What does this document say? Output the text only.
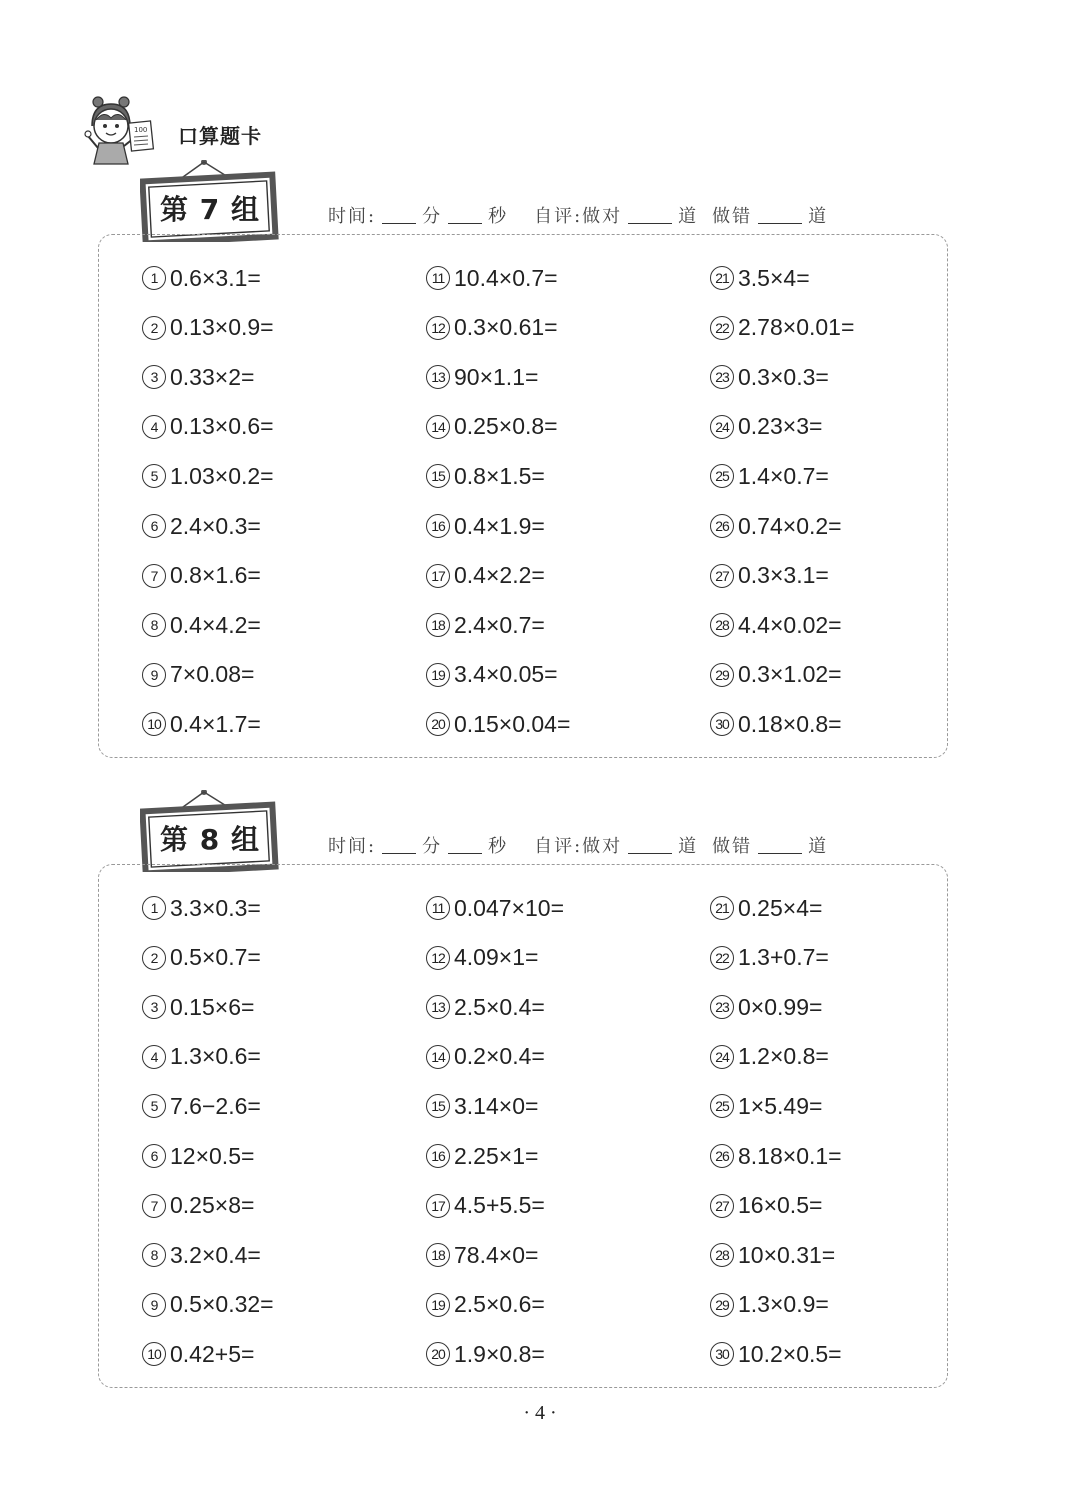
100 口算题卡
第 7 组	时间:	分	秒 自评:做对	道 做错	道
1 0.6×3.1=
2 0.13×0.9=
3 0.33×2=
4 0.13×0.6=
5 1.03×0.2=
6 2.4×0.3=
7 0.8×1.6=
8 0.4×4.2=
9 7×0.08=
10 0.4×1.7=
11 10.4×0.7=
12 0.3×0.61=
13 90×1.1=
14 0.25×0.8=
15 0.8×1.5=
16 0.4×1.9=
17 0.4×2.2=
18 2.4×0.7=
19 3.4×0.05=
20 0.15×0.04=
21 3.5×4=
22 2.78×0.01=
23 0.3×0.3=
24 0.23×3=
25 1.4×0.7=
26 0.74×0.2=
27 0.3×3.1=
28 4.4×0.02=
29 0.3×1.02=
30 0.18×0.8=
第 8 组	时间:	分	秒 自评:做对	道 做错	道
1 3.3×0.3=
2 0.5×0.7=
3 0.15×6=
4 1.3×0.6=
5 7.6−2.6=
6 12×0.5=
7 0.25×8=
8 3.2×0.4=
9 0.5×0.32=
10 0.42+5=
11 0.047×10=
12 4.09×1=
13 2.5×0.4=
14 0.2×0.4=
15 3.14×0=
16 2.25×1=
17 4.5+5.5=
18 78.4×0=
19 2.5×0.6=
20 1.9×0.8=
21 0.25×4=
22 1.3+0.7=
23 0×0.99=
24 1.2×0.8=
25 1×5.49=
26 8.18×0.1=
27 16×0.5=
28 10×0.31=
29 1.3×0.9=
30 10.2×0.5=
· 4 ·
